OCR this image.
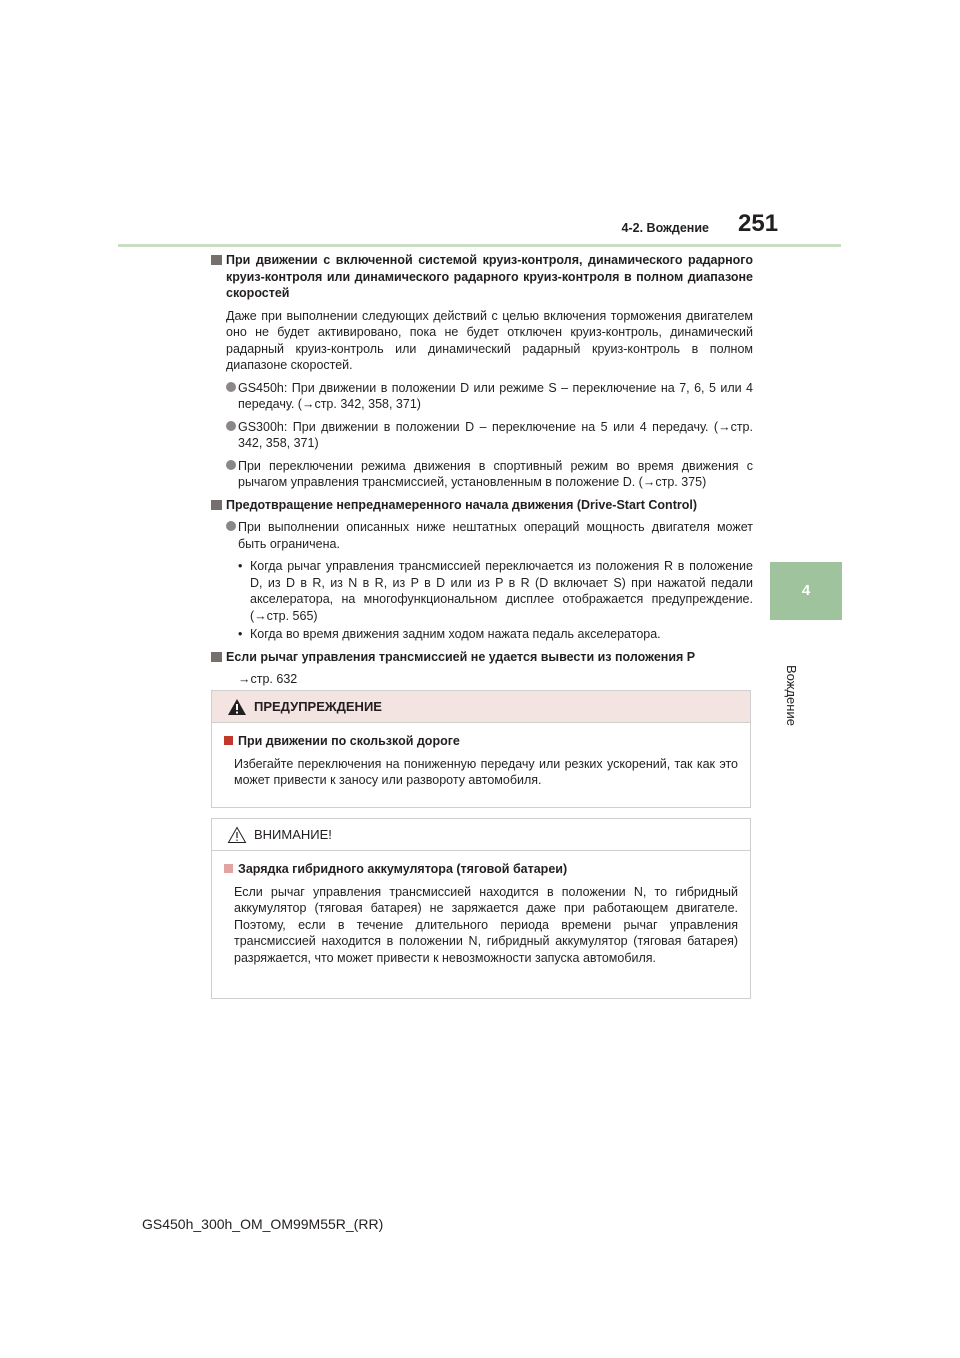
4-2. Вождение 251
4
Вождение
При движении с включенной системой круиз-контроля, динамического радарного круиз-контроля или динамического радарного круиз-контроля в полном диапазоне скоростей
Даже при выполнении следующих действий с целью включения торможения двигателем оно не будет активировано, пока не будет отключен круиз-контроль, динамический радарный круиз-контроль или динамический радарный круиз-контроль в полном диапазоне скоростей.
GS450h: При движении в положении D или режиме S – переключение на 7, 6, 5 или 4 передачу. (→стр. 342, 358, 371)
GS300h: При движении в положении D – переключение на 5 или 4 передачу. (→стр. 342, 358, 371)
При переключении режима движения в спортивный режим во время движения с рычагом управления трансмиссией, установленным в положение D. (→стр. 375)
Предотвращение непреднамеренного начала движения (Drive-Start Control)
При выполнении описанных ниже нештатных операций мощность двигателя может быть ограничена.
• Когда рычаг управления трансмиссией переключается из положения R в положение D, из D в R, из N в R, из P в D или из P в R (D включает S) при нажатой педали акселератора, на многофункциональном дисплее отображается предупреждение. (→стр. 565)
• Когда во время движения задним ходом нажата педаль акселератора.
Если рычаг управления трансмиссией не удается вывести из положения P
→стр. 632
ПРЕДУПРЕЖДЕНИЕ
При движении по скользкой дороге
Избегайте переключения на пониженную передачу или резких ускорений, так как это может привести к заносу или развороту автомобиля.
ВНИМАНИЕ!
Зарядка гибридного аккумулятора (тяговой батареи)
Если рычаг управления трансмиссией находится в положении N, то гибридный аккумулятор (тяговая батарея) не заряжается даже при работающем двигателе. Поэтому, если в течение длительного периода времени рычаг управления трансмиссией находится в положении N, гибридный аккумулятор (тяговая батарея) разряжается, что может привести к невозможности запуска автомобиля.
GS450h_300h_OM_OM99M55R_(RR)
